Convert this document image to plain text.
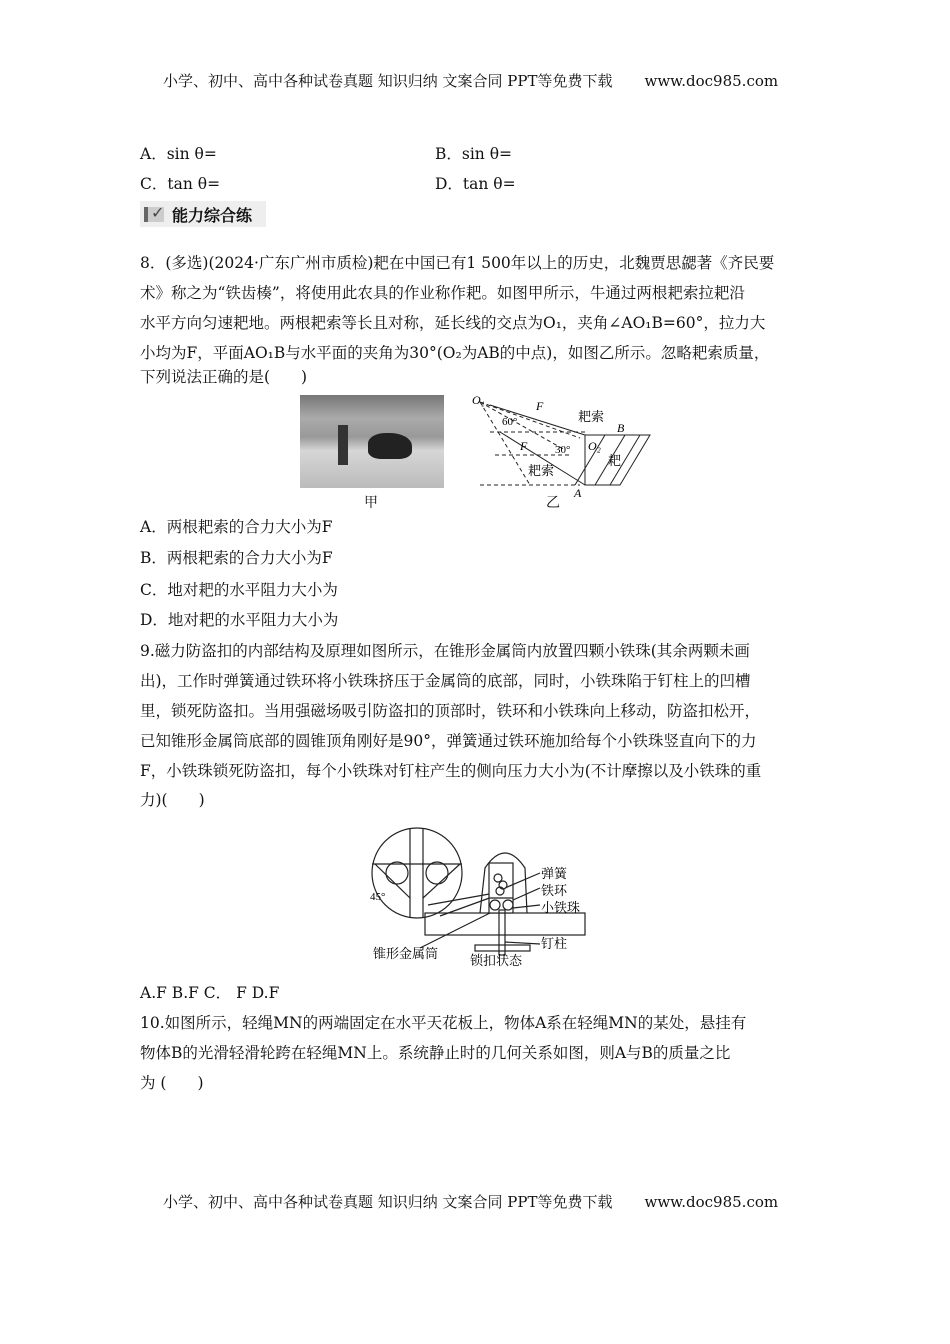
小学、初中、高中各种试卷真题 知识归纳 文案合同 PPT等免费下载 www.doc985.com
A．sin θ=	B．sin θ=
C．tan θ=	D．tan θ=
✓ 能力综合练
8．(多选)(2024·广东广州市质检)耙在中国已有1 500年以上的历史，北魏贾思勰著《齐民要
术》称之为“铁齿楱”，将使用此农具的作业称作耙。如图甲所示，牛通过两根耙索拉耙沿
水平方向匀速耙地。两根耙索等长且对称，延长线的交点为O₁，夹角∠AO₁B=60°，拉力大
小均为F，平面AO₁B与水平面的夹角为30°(O₂为AB的中点)，如图乙所示。忽略耙索质量，
下列说法正确的是(　　)
甲
O₁	F
F
60°
30°
耙索
耙索
B
O₂
耙
A
乙
A．两根耙索的合力大小为F
B．两根耙索的合力大小为F
C．地对耙的水平阻力大小为
D．地对耙的水平阻力大小为
9.磁力防盗扣的内部结构及原理如图所示，在锥形金属筒内放置四颗小铁珠(其余两颗未画
出)，工作时弹簧通过铁环将小铁珠挤压于金属筒的底部，同时，小铁珠陷于钉柱上的凹槽
里，锁死防盗扣。当用强磁场吸引防盗扣的顶部时，铁环和小铁珠向上移动，防盗扣松开，
已知锥形金属筒底部的圆锥顶角刚好是90°，弹簧通过铁环施加给每个小铁珠竖直向下的力
F，小铁珠锁死防盗扣，每个小铁珠对钉柱产生的侧向压力大小为(不计摩擦以及小铁珠的重
力)(　　)
45°
弹簧
铁环
小铁珠
钉柱
锥形金属筒 锁扣状态
A.F B.F C． F D.F
10.如图所示，轻绳MN的两端固定在水平天花板上，物体A系在轻绳MN的某处，悬挂有
物体B的光滑轻滑轮跨在轻绳MN上。系统静止时的几何关系如图，则A与B的质量之比
为 (　　)
小学、初中、高中各种试卷真题 知识归纳 文案合同 PPT等免费下载 www.doc985.com
